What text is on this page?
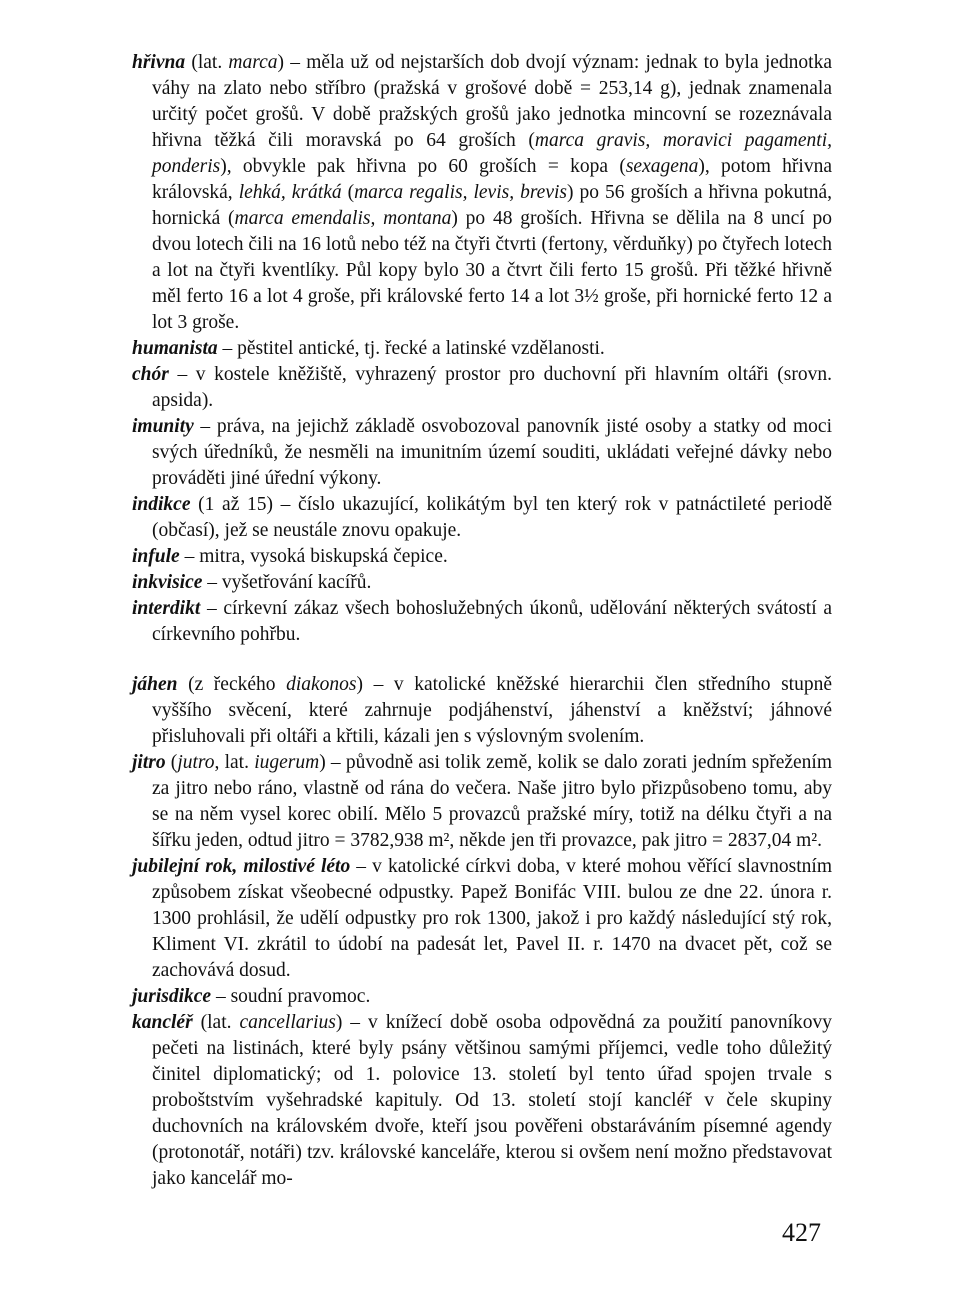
hřivna (lat. marca) – měla už od nejstarších dob dvojí význam: jednak to byla jednotka váhy na zlato nebo stříbro (pražská v grošové době = 253,14 g), jednak znamenala určitý počet grošů. V době pražských grošů jako jednotka mincovní se rozeznávala hřivna těžká čili moravská po 64 groších (marca gravis, moravici pagamenti, ponderis), obvykle pak hřivna po 60 groších = kopa (sexagena), potom hřivna královská, lehká, krátká (marca regalis, levis, brevis) po 56 groších a hřivna pokutná, hornická (marca emendalis, montana) po 48 groších. Hřivna se dělila na 8 uncí po dvou lotech čili na 16 lotů nebo též na čtyři čtvrti (fertony, věrduňky) po čtyřech lotech a lot na čtyři kventlíky. Půl kopy bylo 30 a čtvrt čili ferto 15 grošů. Při těžké hřivně měl ferto 16 a lot 4 groše, při královské ferto 14 a lot 3½ groše, při hornické ferto 12 a lot 3 groše.

humanista – pěstitel antické, tj. řecké a latinské vzdělanosti.

chór – v kostele kněžiště, vyhrazený prostor pro duchovní při hlavním oltáři (srovn. apsida).

imunity – práva, na jejichž základě osvobozoval panovník jisté osoby a statky od moci svých úředníků, že nesměli na imunitním území souditi, ukládati veřejné dávky nebo prováděti jiné úřední výkony.

indikce (1 až 15) – číslo ukazující, kolikátým byl ten který rok v patnáctileté periodě (občasí), jež se neustále znovu opakuje.

infule – mitra, vysoká biskupská čepice.

inkvisice – vyšetřování kacířů.

interdikt – církevní zákaz všech bohoslužebných úkonů, udělování některých svátostí a církevního pohřbu.

jáhen (z řeckého diakonos) – v katolické kněžské hierarchii člen středního stupně vyššího svěcení, které zahrnuje podjáhenství, jáhenství a kněžství; jáhnové přisluhovali při oltáři a křtili, kázali jen s výslovným svolením.

jitro (jutro, lat. iugerum) – původně asi tolik země, kolik se dalo zorati jedním spřežením za jitro nebo ráno, vlastně od rána do večera. Naše jitro bylo přizpůsobeno tomu, aby se na něm vysel korec obilí. Mělo 5 provazců pražské míry, totiž na délku čtyři a na šířku jeden, odtud jitro = 3782,938 m², někde jen tři provazce, pak jitro = 2837,04 m².

jubilejní rok, milostivé léto – v katolické církvi doba, v které mohou věřící slavnostním způsobem získat všeobecné odpustky. Papež Bonifác VIII. bulou ze dne 22. února r. 1300 prohlásil, že udělí odpustky pro rok 1300, jakož i pro každý následující stý rok, Kliment VI. zkrátil to údobí na padesát let, Pavel II. r. 1470 na dvacet pět, což se zachovává dosud.

jurisdikce – soudní pravomoc.

kancléř (lat. cancellarius) – v knížecí době osoba odpovědná za použití panovníkovy pečeti na listinách, které byly psány většinou samými příjemci, vedle toho důležitý činitel diplomatický; od 1. polovice 13. století byl tento úřad spojen trvale s proboštstvím vyšehradské kapituly. Od 13. století stojí kancléř v čele skupiny duchovních na královském dvoře, kteří jsou pověřeni obstaráváním písemné agendy (protonotář, notáři) tzv. královské kanceláře, kterou si ovšem není možno představovat jako kancelář mo-

427
